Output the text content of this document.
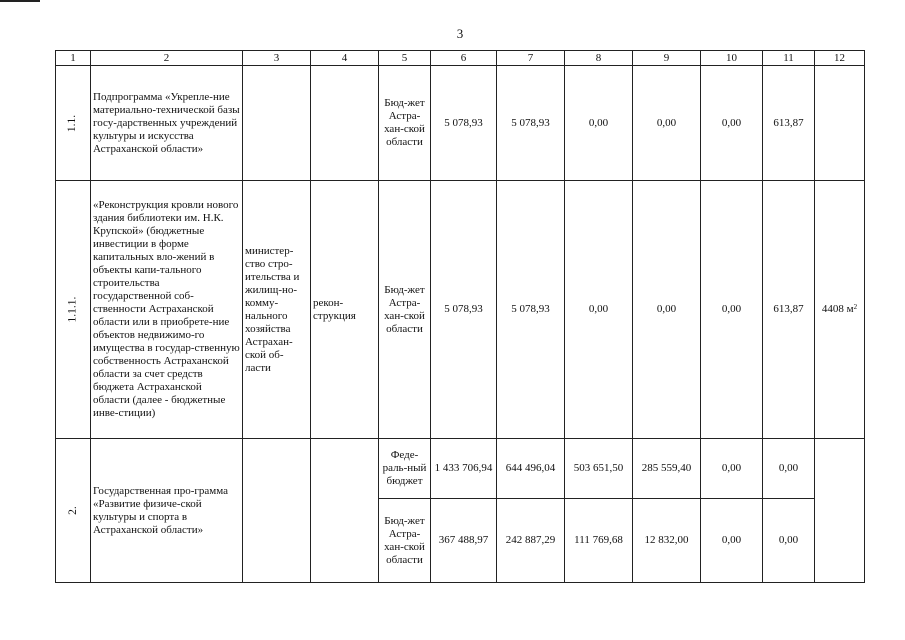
3
1	2	3	4	5	6	7	8	9	10	11	12
1.1.	Подпрограмма «Укрепле-ние материально-технической базы госу-дарственных учреждений культуры и искусства Астраханской области»			Бюд-жет Астра-хан-ской области	5 078,93	5 078,93	0,00	0,00	0,00	613,87	
1.1.1.	«Реконструкция кровли нового здания библиотеки им. Н.К. Крупской» (бюджетные инвестиции в форме капитальных вло-жений в объекты капи-тального строительства государственной соб-ственности Астраханской области или в приобрете-ние объектов недвижимо-го имущества в государ-ственную собственность Астраханской области за счет средств бюджета Астраханской области (далее - бюджетные инве-стиции)	министер-ство стро-ительства и жилищ-но-комму-нального хозяйства Астрахан-ской об-ласти	рекон-струкция	Бюд-жет Астра-хан-ской области	5 078,93	5 078,93	0,00	0,00	0,00	613,87	4408 $м^2$
2.	Государственная про-грамма «Развитие физиче-ской культуры и спорта в Астраханской области»			Феде-раль-ный бюджет	1 433 706,94	644 496,04	503 651,50	285 559,40	0,00	0,00	
				Бюд-жет Астра-хан-ской области	367 488,97	242 887,29	111 769,68	12 832,00	0,00	0,00	
